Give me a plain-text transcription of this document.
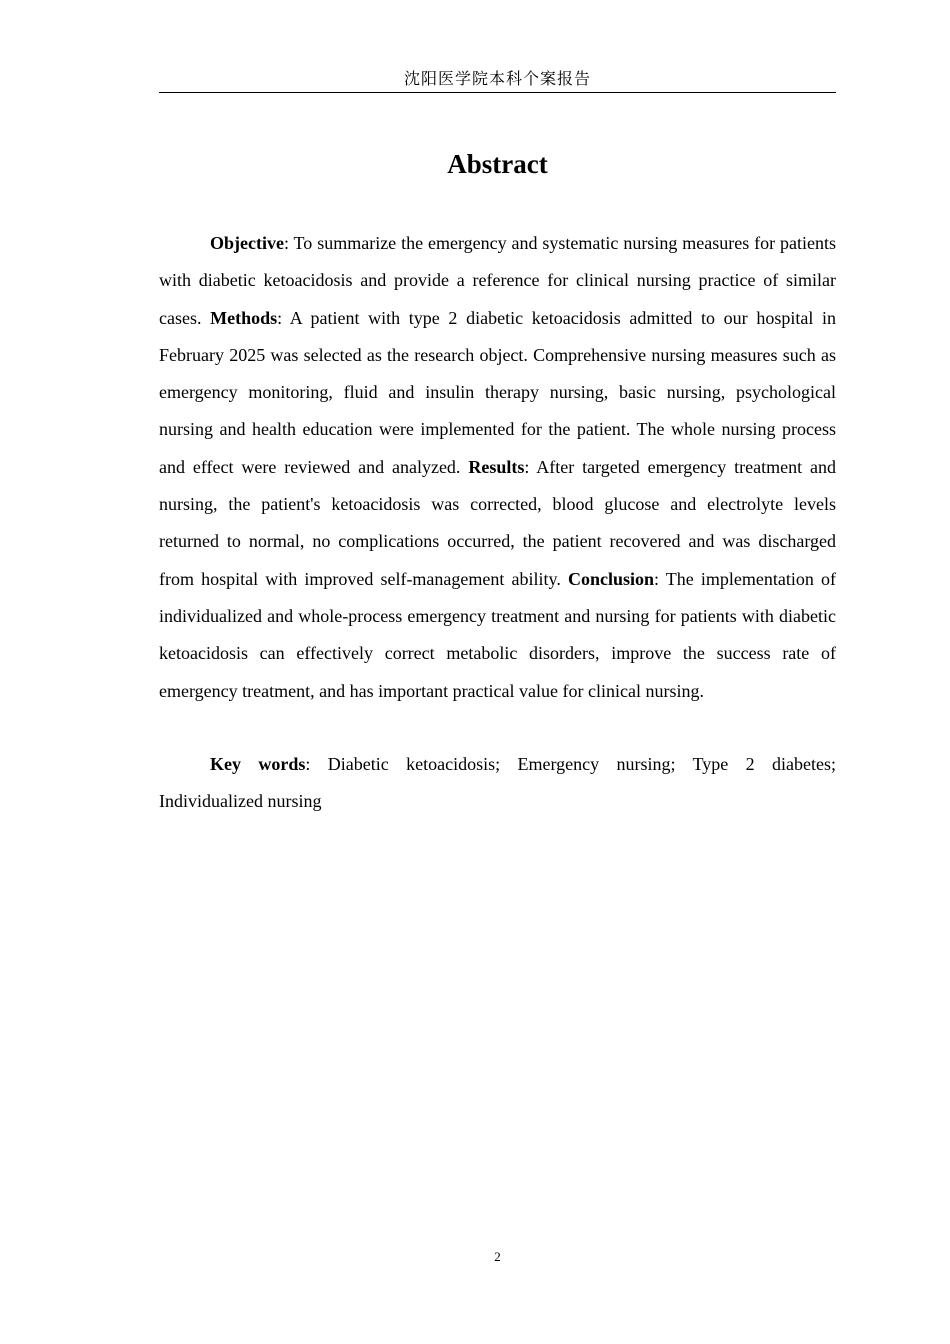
沈阳医学院本科个案报告
Abstract

Objective: To summarize the emergency and systematic nursing measures for patients with diabetic ketoacidosis and provide a reference for clinical nursing practice of similar cases. Methods: A patient with type 2 diabetic ketoacidosis admitted to our hospital in February 2025 was selected as the research object. Comprehensive nursing measures such as emergency monitoring, fluid and insulin therapy nursing, basic nursing, psychological nursing and health education were implemented for the patient. The whole nursing process and effect were reviewed and analyzed. Results: After targeted emergency treatment and nursing, the patient's ketoacidosis was corrected, blood glucose and electrolyte levels returned to normal, no complications occurred, the patient recovered and was discharged from hospital with improved self-management ability. Conclusion: The implementation of individualized and whole-process emergency treatment and nursing for patients with diabetic ketoacidosis can effectively correct metabolic disorders, improve the success rate of emergency treatment, and has important practical value for clinical nursing.

Key words: Diabetic ketoacidosis; Emergency nursing; Type 2 diabetes; Individualized nursing

2
